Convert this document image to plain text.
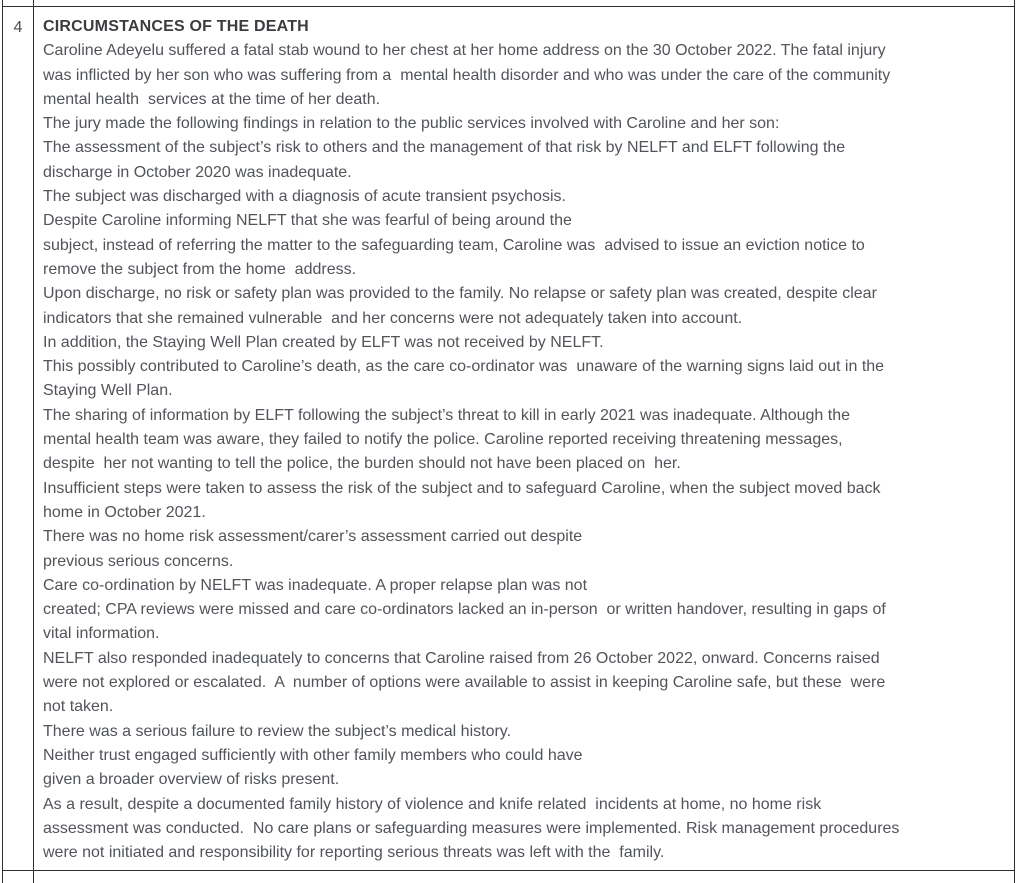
4	CIRCUMSTANCES OF THE DEATH
Caroline Adeyelu suffered a fatal stab wound to her chest at her home address on the 30 October 2022. The fatal injury
was inflicted by her son who was suffering from a  mental health disorder and who was under the care of the community
mental health  services at the time of her death.
The jury made the following findings in relation to the public services involved with Caroline and her son:
The assessment of the subject’s risk to others and the management of that risk by NELFT and ELFT following the
discharge in October 2020 was inadequate.
The subject was discharged with a diagnosis of acute transient psychosis.
Despite Caroline informing NELFT that she was fearful of being around the
subject, instead of referring the matter to the safeguarding team, Caroline was  advised to issue an eviction notice to
remove the subject from the home  address.
Upon discharge, no risk or safety plan was provided to the family. No relapse or safety plan was created, despite clear
indicators that she remained vulnerable  and her concerns were not adequately taken into account.
In addition, the Staying Well Plan created by ELFT was not received by NELFT.
This possibly contributed to Caroline’s death, as the care co-ordinator was  unaware of the warning signs laid out in the
Staying Well Plan.
The sharing of information by ELFT following the subject’s threat to kill in early 2021 was inadequate. Although the
mental health team was aware, they failed to notify the police. Caroline reported receiving threatening messages,
despite  her not wanting to tell the police, the burden should not have been placed on  her.
Insufficient steps were taken to assess the risk of the subject and to safeguard Caroline, when the subject moved back
home in October 2021.
There was no home risk assessment/carer’s assessment carried out despite
previous serious concerns.
Care co-ordination by NELFT was inadequate. A proper relapse plan was not
created; CPA reviews were missed and care co-ordinators lacked an in-person  or written handover, resulting in gaps of
vital information.
NELFT also responded inadequately to concerns that Caroline raised from 26 October 2022, onward. Concerns raised
were not explored or escalated.  A  number of options were available to assist in keeping Caroline safe, but these  were
not taken.
There was a serious failure to review the subject’s medical history.
Neither trust engaged sufficiently with other family members who could have
given a broader overview of risks present.
As a result, despite a documented family history of violence and knife related  incidents at home, no home risk
assessment was conducted.  No care plans or safeguarding measures were implemented. Risk management procedures
were not initiated and responsibility for reporting serious threats was left with the  family.
